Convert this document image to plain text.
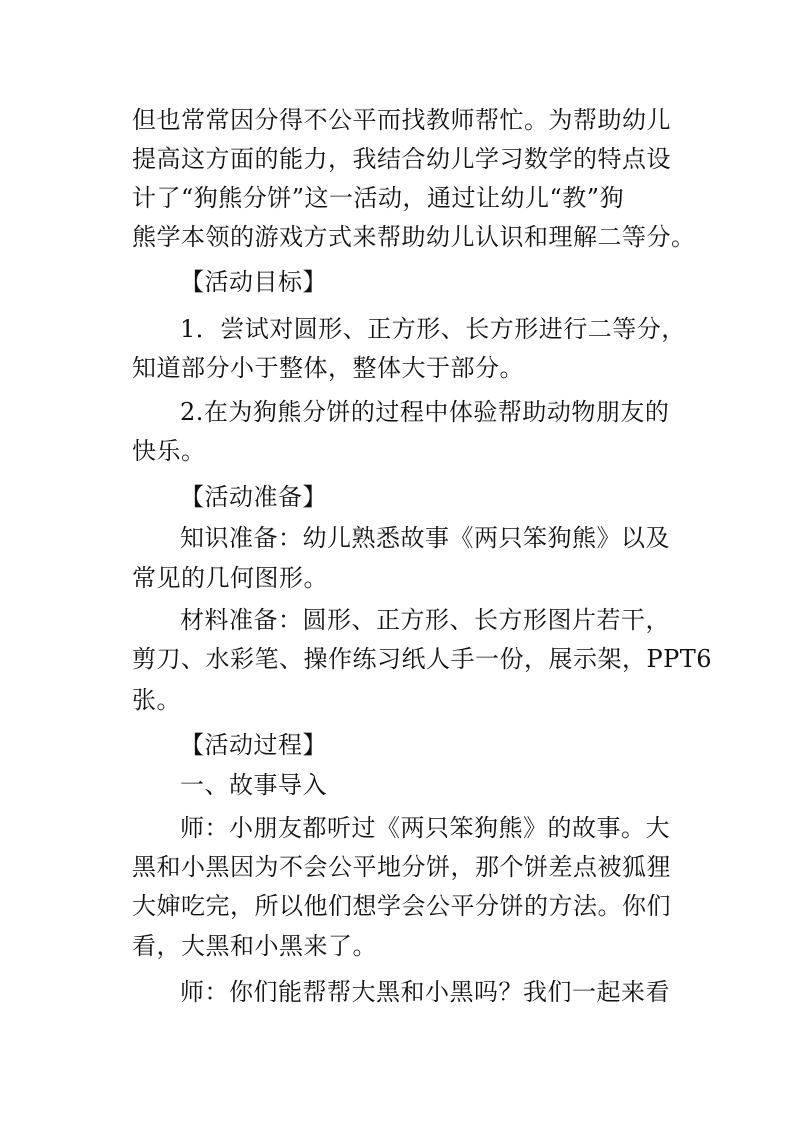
但也常常因分得不公平而找教师帮忙。为帮助幼儿
提高这方面的能力，我结合幼儿学习数学的特点设
计了“狗熊分饼”这一活动，通过让幼儿“教”狗
熊学本领的游戏方式来帮助幼儿认识和理解二等分。
【活动目标】
1．尝试对圆形、正方形、长方形进行二等分，
知道部分小于整体，整体大于部分。
2.在为狗熊分饼的过程中体验帮助动物朋友的
快乐。
【活动准备】
知识准备：幼儿熟悉故事《两只笨狗熊》以及
常见的几何图形。
材料准备：圆形、正方形、长方形图片若干，
剪刀、水彩笔、操作练习纸人手一份，展示架，PPT6
张。
【活动过程】
一、故事导入
师：小朋友都听过《两只笨狗熊》的故事。大
黑和小黑因为不会公平地分饼，那个饼差点被狐狸
大婶吃完，所以他们想学会公平分饼的方法。你们
看，大黑和小黑来了。
师：你们能帮帮大黑和小黑吗？我们一起来看
